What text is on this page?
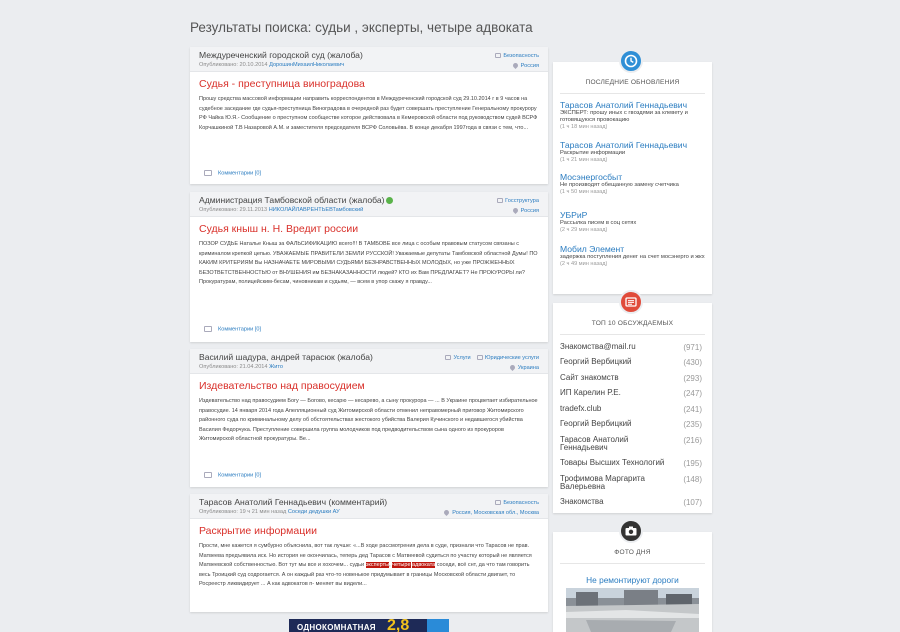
Результаты поиска: судьи , эксперты, четыре адвоката
Междуреченский городской суд (жалоба)
Опубликовано: 20.10.2014 ДорошинМихаилНиколаевич
Безопасность
Россия
Судья - преступница виноградова
Прошу средства массовой информации направить корреспондентов в Междуреченский городской суд 29.10.2014 г в 9 часов на судебное заседание где судья-преступница Виноградова в очередной раз будет совершать преступление Генеральному прокурору РФ Чайка Ю.Я.- Сообщение о преступном сообществе которое действовала в Кемеровской области под руководством судей ВСРФ Корчашкиной Т.В Назаровой А.М. и заместителя председателя ВСРФ Соловьёва. В конце декабря 1997года в связи с тем, что...
Комментарии [0]
Администрация Тамбовской области (жалоба)
Опубликовано: 29.11.2013 НИКОЛАЙЛАВРЕНТЬЕВТамбовский
Госструктура
Россия
Судья кныш н. Н. Вредит россии
ПОЗОР СУДЬЕ Наталье Кныш за ФАЛЬСИФИКАЦИЮ всего!!! В ТАМБОВЕ все лица с особым правовым статусом связаны с криминалом крепкой цепью. УВАЖАЕМЫЕ ПРАВИТЕЛИ ЗЕМЛИ РУССКОЙ! Уважаемые депутаты Тамбовской областной Думы! ПО КАКИМ КРИТЕРИЯМ Вы НАЗНАЧАЕТЕ МИРОВЫМИ СУДЬЯМИ БЕЗНРАВСТВЕННЫХ МОЛОДЫХ, но уже ПРОЖЖЕННЫХ БЕЗОТВЕТСТВЕННОСТЬЮ от ВНУШЕНИЯ им БЕЗНАКАЗАННОСТИ людей? КТО их Вам ПРЕДЛАГАЕТ? Не ПРОКУРОРЫ ли? Прокуратурам, полицейским-бесам, чиновникам и судьям, — всем в упор скажу я правду...
Комментарии [0]
Василий шадура, андрей тарасюк (жалоба)
Опубликовано: 21.04.2014 Жито
Услуги	Юридические услуги
Украина
Издевательство над правосудием
Издевательство над правосудием Богу — Богово, кесарю — кесарево, а сыну прокурора — ... В Украине процветает избирательное правосудие. 14 января 2014 года Апелляционный суд Житомирской области отменил неправомерный приговор Житомирского районного суда по криминальному делу об обстоятельствах жестокого убийства Валерия Кучинского и недавшегося убийства Василия Федорчука. Преступление совершила группа молодчиков под предводительством сына одного из прокуроров Житомирской областной прокуратуры. Ве...
Комментарии [0]
Тарасов Анатолий Геннадьевич (комментарий)
Опубликовано: 19 ч 21 мин назад Соседи дедушки АУ
Безопасность
Россия, Московская обл., Москва
Раскрытие информации
Прости, мне кажется я сумбурно объяснила, вот так лучше: «...В ходе рассмотрения дела в суде, признали что Тарасов не прав. Матвеева предъявила иск. Но история не окончилась, теперь дед Тарасов с Матвеевой судиться по участку который не является Матвеевской собственностью. Вот тут мы все и хохочем... судьи эксперты, четыре адвоката соседи, всё снт, да что там говорить весь Троицкий суд содрогается. А он каждый раз что-то новенькое придумывает в границы Московской области двигает, то Росреестр ликвидирует ... А как адвокатов п- меняет вы видели...
ОДНОКОМНАТНАЯ 2,8
ПОСЛЕДНИЕ ОБНОВЛЕНИЯ
Тарасов Анатолий Геннадьевич
ЭКСПЕРТ: прошу иных с гвоздями за клевету и готовящуюся провокацию
(1 ч 18 мин назад)
Тарасов Анатолий Геннадьевич
Раскрытие информации
(1 ч 21 мин назад)
Мосэнергосбыт
Не производят обещанную замену счетчика
(1 ч 50 мин назад)
УБРиР
Рассылка писем в соц сетях
(2 ч 29 мин назад)
Мобил Элемент
задержка поступления денег на счет мосэнерго и жкх
(2 ч 49 мин назад)
ТОП 10 ОБСУЖДАЕМЫХ
Знакомства@mail.ru	(971)
Георгий Вербицкий	(430)
Сайт знакомств	(293)
ИП Карелин Р.Е.	(247)
tradefx.club	(241)
Георгий Вербицкий	(235)
Тарасов Анатолий Геннадьевич
(216)
Товары Высших Технологий	(195)
Трофимова Маргарита Валерьевна
(148)
Знакомства	(107)
ФОТО ДНЯ
Не ремонтируют дороги
